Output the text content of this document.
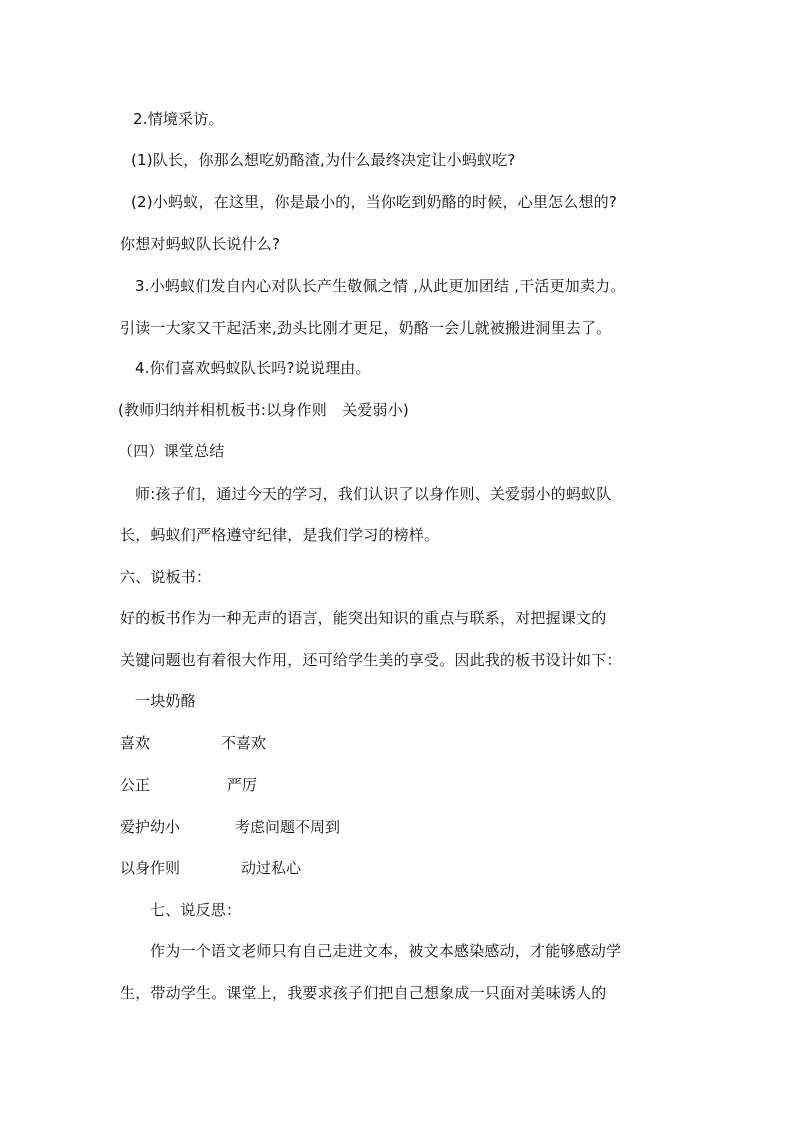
2.情境采访。
(1)队长，你那么想吃奶酪渣,为什么最终决定让小蚂蚁吃?
(2)小蚂蚁，在这里，你是最小的，当你吃到奶酪的时候，心里怎么想的?
你想对蚂蚁队长说什么?
3.小蚂蚁们发自内心对队长产生敬佩之情 ,从此更加团结 ,干活更加卖力。
引读一大家又干起活来,劲头比刚才更足，奶酪一会儿就被搬进洞里去了。
4.你们喜欢蚂蚁队长吗?说说理由。
(教师归纳并相机板书:以身作则　关爱弱小)
（四）课堂总结
师:孩子们，通过今天的学习，我们认识了以身作则、关爱弱小的蚂蚁队
长，蚂蚁们严格遵守纪律，是我们学习的榜样。
六、说板书：
好的板书作为一种无声的语言，能突出知识的重点与联系，对把握课文的
关键问题也有着很大作用，还可给学生美的享受。因此我的板书设计如下：
一块奶酪
喜欢	不喜欢
公正	严厉
爱护幼小	考虑问题不周到
以身作则	动过私心
七、说反思：
作为一个语文老师只有自己走进文本，被文本感染感动，才能够感动学
生，带动学生。课堂上，我要求孩子们把自己想象成一只面对美味诱人的
